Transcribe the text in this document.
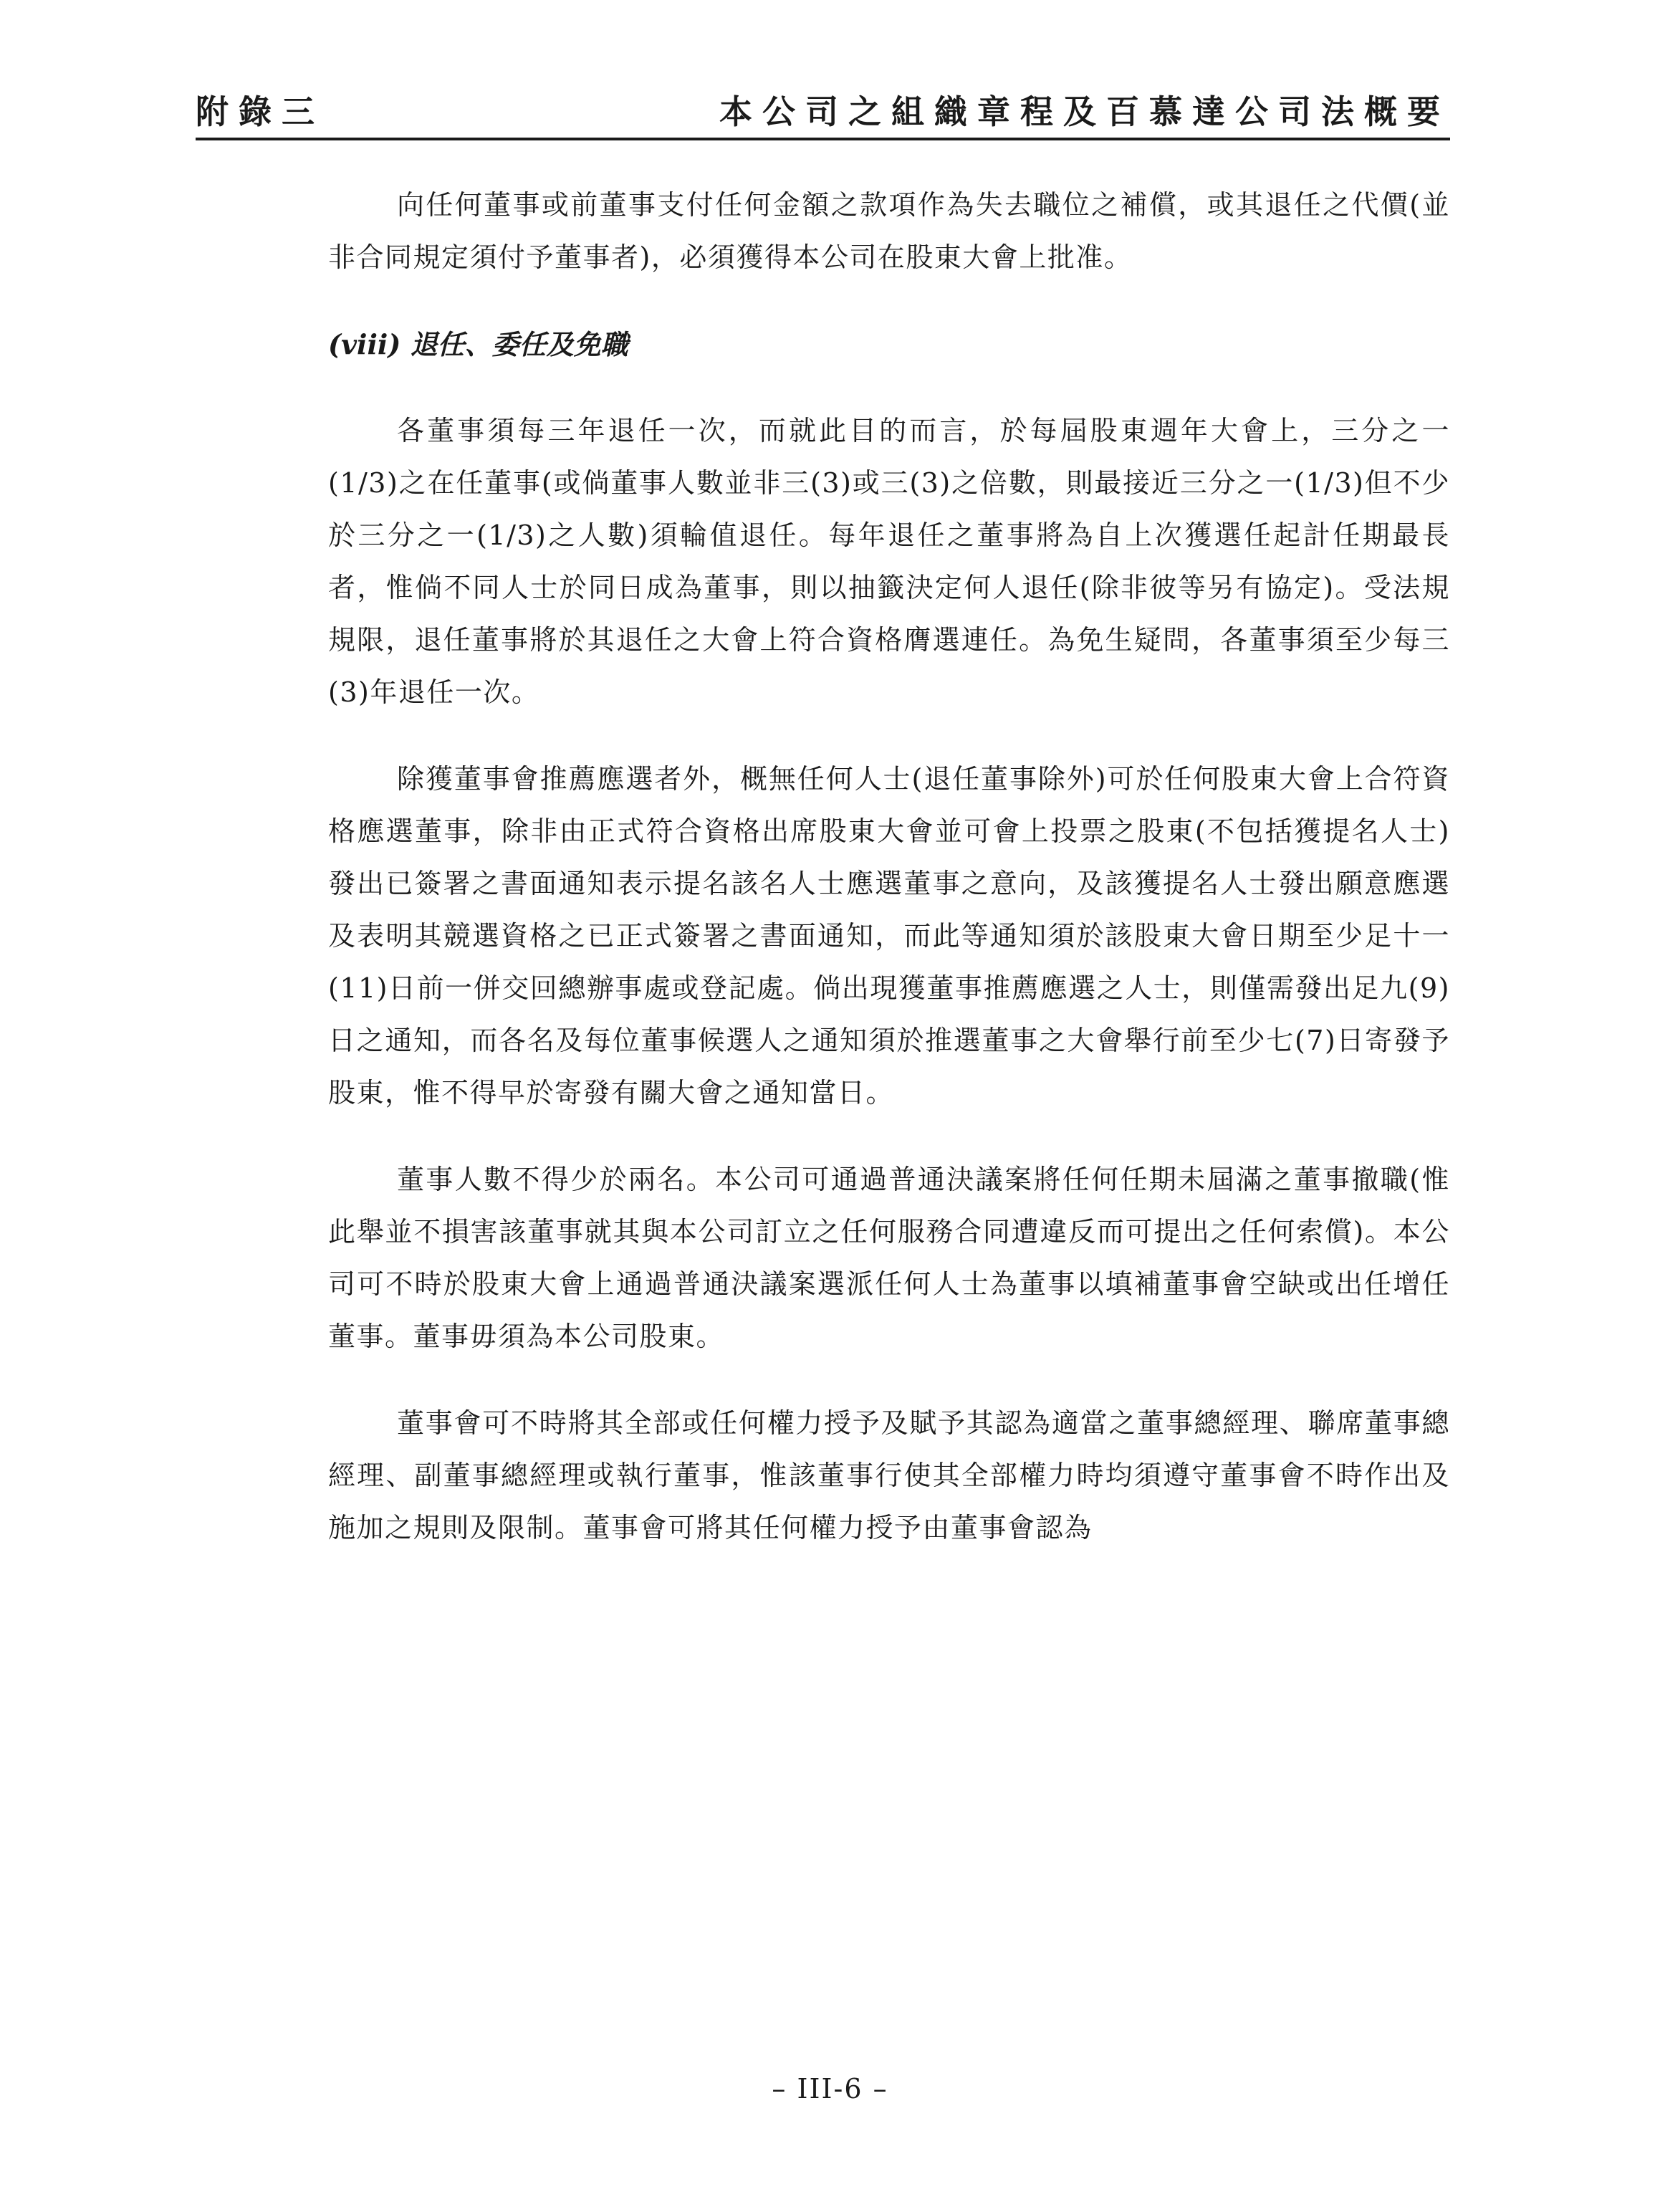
附錄三	本公司之組織章程及百慕達公司法概要

向任何董事或前董事支付任何金額之款項作為失去職位之補償，或其退任之代價(並非合同規定須付予董事者)，必須獲得本公司在股東大會上批准。

(viii) 退任、委任及免職

各董事須每三年退任一次，而就此目的而言，於每屆股東週年大會上，三分之一(1/3)之在任董事(或倘董事人數並非三(3)或三(3)之倍數，則最接近三分之一(1/3)但不少於三分之一(1/3)之人數)須輪值退任。每年退任之董事將為自上次獲選任起計任期最長者，惟倘不同人士於同日成為董事，則以抽籤決定何人退任(除非彼等另有協定)。受法規規限，退任董事將於其退任之大會上符合資格膺選連任。為免生疑問，各董事須至少每三(3)年退任一次。

除獲董事會推薦應選者外，概無任何人士(退任董事除外)可於任何股東大會上合符資格應選董事，除非由正式符合資格出席股東大會並可會上投票之股東(不包括獲提名人士)發出已簽署之書面通知表示提名該名人士應選董事之意向，及該獲提名人士發出願意應選及表明其競選資格之已正式簽署之書面通知，而此等通知須於該股東大會日期至少足十一(11)日前一併交回總辦事處或登記處。倘出現獲董事推薦應選之人士，則僅需發出足九(9)日之通知，而各名及每位董事候選人之通知須於推選董事之大會舉行前至少七(7)日寄發予股東，惟不得早於寄發有關大會之通知當日。

董事人數不得少於兩名。本公司可通過普通決議案將任何任期未屆滿之董事撤職(惟此舉並不損害該董事就其與本公司訂立之任何服務合同遭違反而可提出之任何索償)。本公司可不時於股東大會上通過普通決議案選派任何人士為董事以填補董事會空缺或出任增任董事。董事毋須為本公司股東。

董事會可不時將其全部或任何權力授予及賦予其認為適當之董事總經理、聯席董事總經理、副董事總經理或執行董事，惟該董事行使其全部權力時均須遵守董事會不時作出及施加之規則及限制。董事會可將其任何權力授予由董事會認為

– III-6 –
